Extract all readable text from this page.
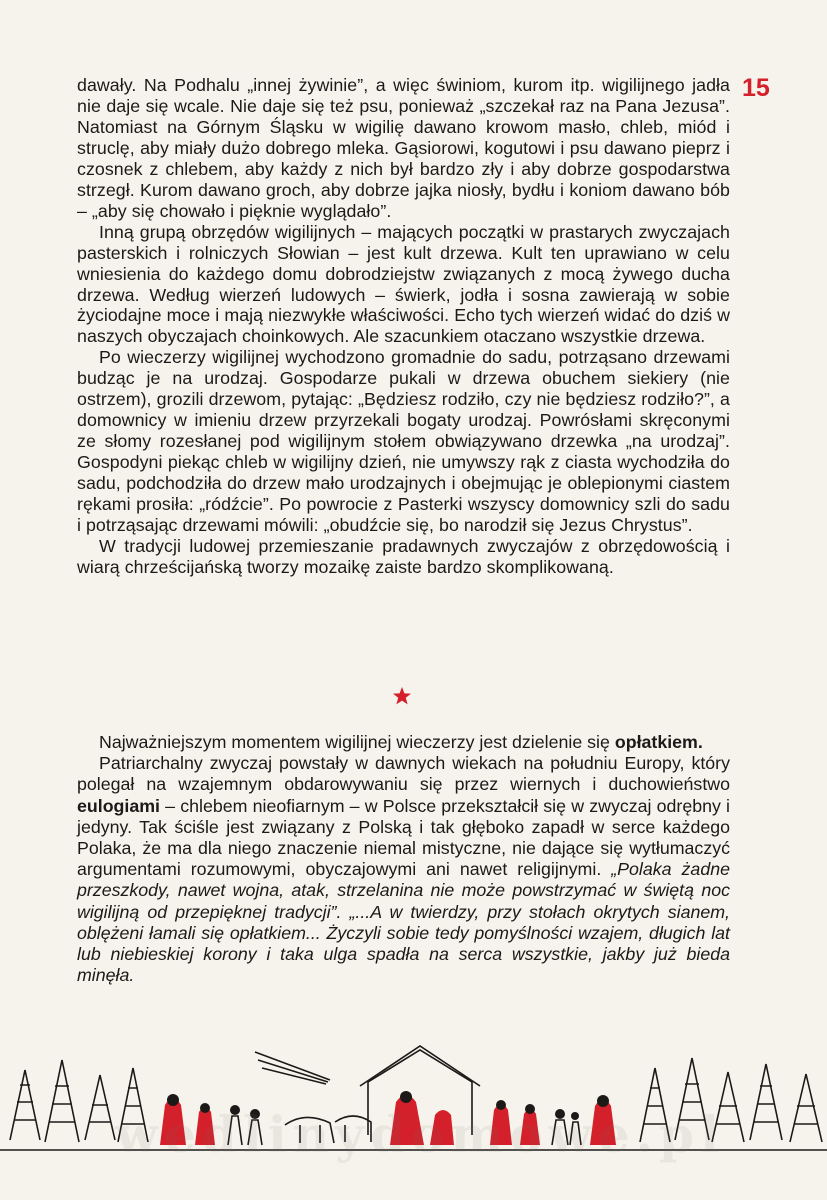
15

dawały. Na Podhalu „innej żywinie”, a więc świniom, kurom itp. wigilijnego jadła nie daje się wcale. Nie daje się też psu, ponieważ „szczekał raz na Pana Jezusa”. Natomiast na Górnym Śląsku w wigilię dawano krowom masło, chleb, miód i struclę, aby miały dużo dobrego mleka. Gąsiorowi, kogutowi i psu dawano pieprz i czosnek z chlebem, aby każdy z nich był bardzo zły i aby dobrze gospodarstwa strzegł. Kurom dawano groch, aby dobrze jajka niosły, bydłu i koniom dawano bób – „aby się chowało i pięknie wyglądało”.

Inną grupą obrzędów wigilijnych – mających początki w prastarych zwyczajach pasterskich i rolniczych Słowian – jest kult drzewa. Kult ten uprawiano w celu wniesienia do każdego domu dobrodziejstw związanych z mocą żywego ducha drzewa. Według wierzeń ludowych – świerk, jodła i sosna zawierają w sobie życiodajne moce i mają niezwykłe właściwości. Echo tych wierzeń widać do dziś w naszych obyczajach choinkowych. Ale szacunkiem otaczano wszystkie drzewa.

Po wieczerzy wigilijnej wychodzono gromadnie do sadu, potrząsano drzewami budząc je na urodzaj. Gospodarze pukali w drzewa obuchem siekiery (nie ostrzem), grozili drzewom, pytając: „Będziesz rodziło, czy nie będziesz rodziło?”, a domownicy w imieniu drzew przyrzekali bogaty urodzaj. Powrósłami skręconymi ze słomy rozesłanej pod wigilijnym stołem obwiązywano drzewka „na urodzaj”. Gospodyni piekąc chleb w wigilijny dzień, nie umywszy rąk z ciasta wychodziła do sadu, podchodziła do drzew mało urodzajnych i obejmując je oblepionymi ciastem rękami prosiła: „ródźcie”. Po powrocie z Pasterki wszyscy domownicy szli do sadu i potrząsając drzewami mówili: „obudźcie się, bo narodził się Jezus Chrystus”.

W tradycji ludowej przemieszanie pradawnych zwyczajów z obrzędowością i wiarą chrześcijańską tworzy mozaikę zaiste bardzo skomplikowaną.

Najważniejszym momentem wigilijnej wieczerzy jest dzielenie się opłatkiem.

Patriarchalny zwyczaj powstały w dawnych wiekach na południu Europy, który polegał na wzajemnym obdarowywaniu się przez wiernych i duchowieństwo eulogiami – chlebem nieofiarnym – w Polsce przekształcił się w zwyczaj odrębny i jedyny. Tak ściśle jest związany z Polską i tak głęboko zapadł w serce każdego Polaka, że ma dla niego znaczenie niemal mistyczne, nie dające się wytłumaczyć argumentami rozumowymi, obyczajowymi ani nawet religijnymi. „Polaka żadne przeszkody, nawet wojna, atak, strzelanina nie może powstrzymać w świętą noc wigilijną od przepięknej tradycji”. „...A w twierdzy, przy stołach okrytych sianem, oblężeni łamali się opłatkiem... Życzyli sobie tedy pomyślności wzajem, długich lat lub niebieskiej korony i taka ulga spadła na serca wszystkie, jakby już bieda minęła.

wedlinydomowe.pl
